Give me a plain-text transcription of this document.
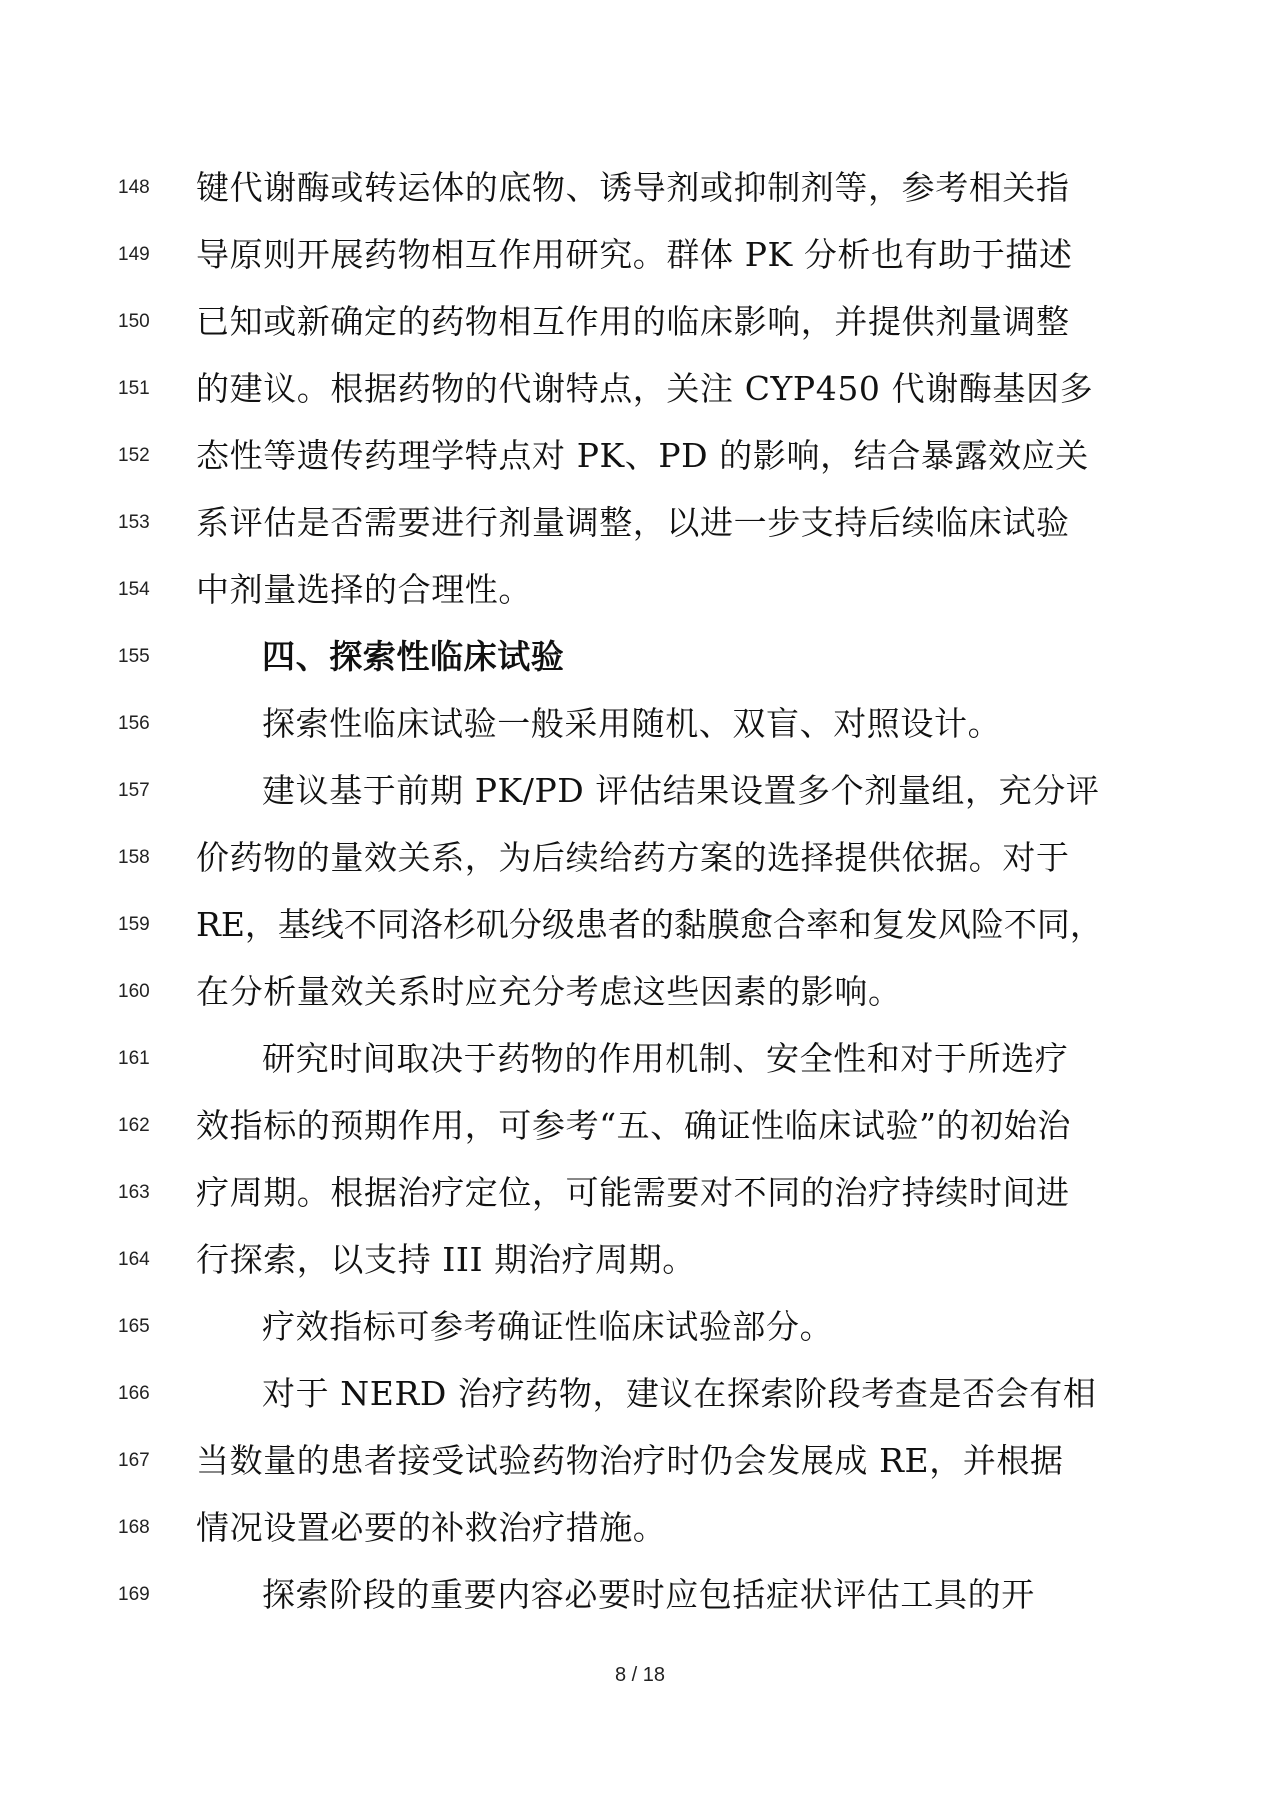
148	键代谢酶或转运体的底物、诱导剂或抑制剂等，参考相关指
149	导原则开展药物相互作用研究。群体 PK 分析也有助于描述
150	已知或新确定的药物相互作用的临床影响，并提供剂量调整
151	的建议。根据药物的代谢特点，关注 CYP450 代谢酶基因多
152	态性等遗传药理学特点对 PK、PD 的影响，结合暴露效应关
153	系评估是否需要进行剂量调整，以进一步支持后续临床试验
154	中剂量选择的合理性。
155	四、探索性临床试验
156	探索性临床试验一般采用随机、双盲、对照设计。
157	建议基于前期 PK/PD 评估结果设置多个剂量组，充分评
158	价药物的量效关系，为后续给药方案的选择提供依据。对于
159	RE，基线不同洛杉矶分级患者的黏膜愈合率和复发风险不同，
160	在分析量效关系时应充分考虑这些因素的影响。
161	研究时间取决于药物的作用机制、安全性和对于所选疗
162	效指标的预期作用，可参考“五、确证性临床试验”的初始治
163	疗周期。根据治疗定位，可能需要对不同的治疗持续时间进
164	行探索，以支持 III 期治疗周期。
165	疗效指标可参考确证性临床试验部分。
166	对于 NERD 治疗药物，建议在探索阶段考查是否会有相
167	当数量的患者接受试验药物治疗时仍会发展成 RE，并根据
168	情况设置必要的补救治疗措施。
169	探索阶段的重要内容必要时应包括症状评估工具的开
8 / 18
